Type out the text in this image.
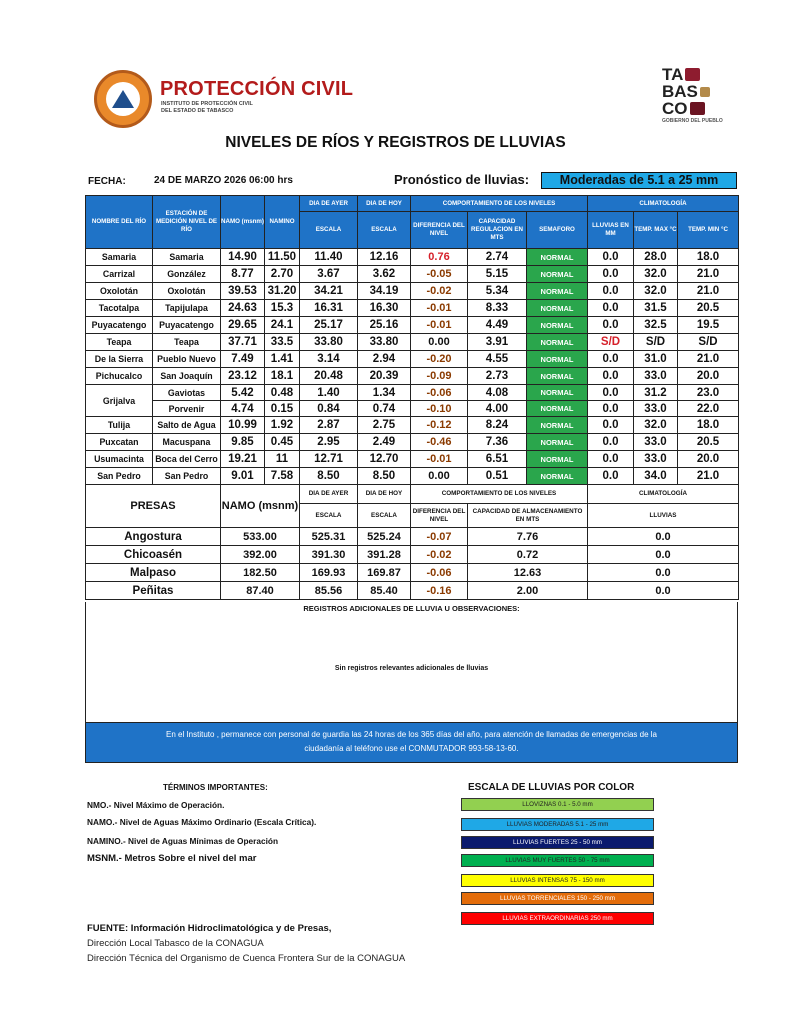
PROTECCIÓN CIVIL
INSTITUTO DE PROTECCIÓN CIVIL
DEL ESTADO DE TABASCO
TA
BAS
CO
GOBIERNO DEL PUEBLO
NIVELES DE RÍOS Y REGISTROS DE LLUVIAS
FECHA:	24 DE MARZO 2026 06:00 hrs	Pronóstico de lluvias:	Moderadas de 5.1 a 25 mm
NOMBRE DEL RÍO	ESTACIÓN DE MEDICIÓN NIVEL DE RÍO	NAMO (msnm)	NAMINO	DIA DE AYER	DIA DE HOY	COMPORTAMIENTO DE LOS NIVELES			CLIMATOLOGÍA		
				ESCALA	ESCALA	DIFERENCIA DEL NIVEL	CAPACIDAD REGULACION EN MTS	SEMAFORO	LLUVIAS EN MM	TEMP. MAX °C	TEMP. MIN °C
Samaria	Samaria	14.90	11.50	11.40	12.16	0.76	2.74	NORMAL	0.0	28.0	18.0
Carrizal	González	8.77	2.70	3.67	3.62	-0.05	5.15	NORMAL	0.0	32.0	21.0
Oxolotán	Oxolotán	39.53	31.20	34.21	34.19	-0.02	5.34	NORMAL	0.0	32.0	21.0
Tacotalpa	Tapijulapa	24.63	15.3	16.31	16.30	-0.01	8.33	NORMAL	0.0	31.5	20.5
Puyacatengo	Puyacatengo	29.65	24.1	25.17	25.16	-0.01	4.49	NORMAL	0.0	32.5	19.5
Teapa	Teapa	37.71	33.5	33.80	33.80	0.00	3.91	NORMAL	S/D	S/D	S/D
De la Sierra	Pueblo Nuevo	7.49	1.41	3.14	2.94	-0.20	4.55	NORMAL	0.0	31.0	21.0
Pichucalco	San Joaquín	23.12	18.1	20.48	20.39	-0.09	2.73	NORMAL	0.0	33.0	20.0
Grijalva	Gaviotas	5.42	0.48	1.40	1.34	-0.06	4.08	NORMAL	0.0	31.2	23.0
	Porvenir	4.74	0.15	0.84	0.74	-0.10	4.00	NORMAL	0.0	33.0	22.0
Tulija	Salto de Agua	10.99	1.92	2.87	2.75	-0.12	8.24	NORMAL	0.0	32.0	18.0
Puxcatan	Macuspana	9.85	0.45	2.95	2.49	-0.46	7.36	NORMAL	0.0	33.0	20.5
Usumacinta	Boca del Cerro	19.21	11	12.71	12.70	-0.01	6.51	NORMAL	0.0	33.0	20.0
San Pedro	San Pedro	9.01	7.58	8.50	8.50	0.00	0.51	NORMAL	0.0	34.0	21.0
PRESAS	NAMO (msnm)	DIA DE AYER	DIA DE HOY	COMPORTAMIENTO DE LOS NIVELES		CLIMATOLOGÍA
		ESCALA	ESCALA	DIFERENCIA DEL NIVEL	CAPACIDAD DE ALMACENAMIENTO EN MTS	LLUVIAS
Angostura	533.00	525.31	525.24	-0.07	7.76	0.0
Chicoasén	392.00	391.30	391.28	-0.02	0.72	0.0
Malpaso	182.50	169.93	169.87	-0.06	12.63	0.0
Peñitas	87.40	85.56	85.40	-0.16	2.00	0.0
REGISTROS ADICIONALES DE LLUVIA U OBSERVACIONES:
Sin registros relevantes adicionales de lluvias
En el Instituto , permanece con personal de guardia las 24 horas de los 365 días del año, para atención de llamadas de emergencias de la
ciudadanía al teléfono use el CONMUTADOR 993-58-13-60.
TÉRMINOS IMPORTANTES:
NMO.- Nivel Máximo de Operación.
NAMO.- Nivel de Aguas Máximo Ordinario (Escala Crítica).
NAMINO.- Nivel de Aguas Mínimas de Operación
MSNM.- Metros Sobre el nivel del mar
ESCALA DE LLUVIAS POR COLOR
LLOVIZNAS 0.1 - 5.0 mm
LLUVIAS MODERADAS 5.1 - 25 mm
LLUVIAS FUERTES 25 - 50 mm
LLUVIAS MUY FUERTES 50 - 75 mm
LLUVIAS INTENSAS 75 - 150 mm
LLUVIAS TORRENCIALES 150 - 250 mm
LLUVIAS EXTRAORDINARIAS 250 mm
FUENTE: Información Hidroclimatológica y de Presas,
Dirección Local Tabasco de la CONAGUA
Dirección Técnica del Organismo de Cuenca Frontera Sur de la CONAGUA
